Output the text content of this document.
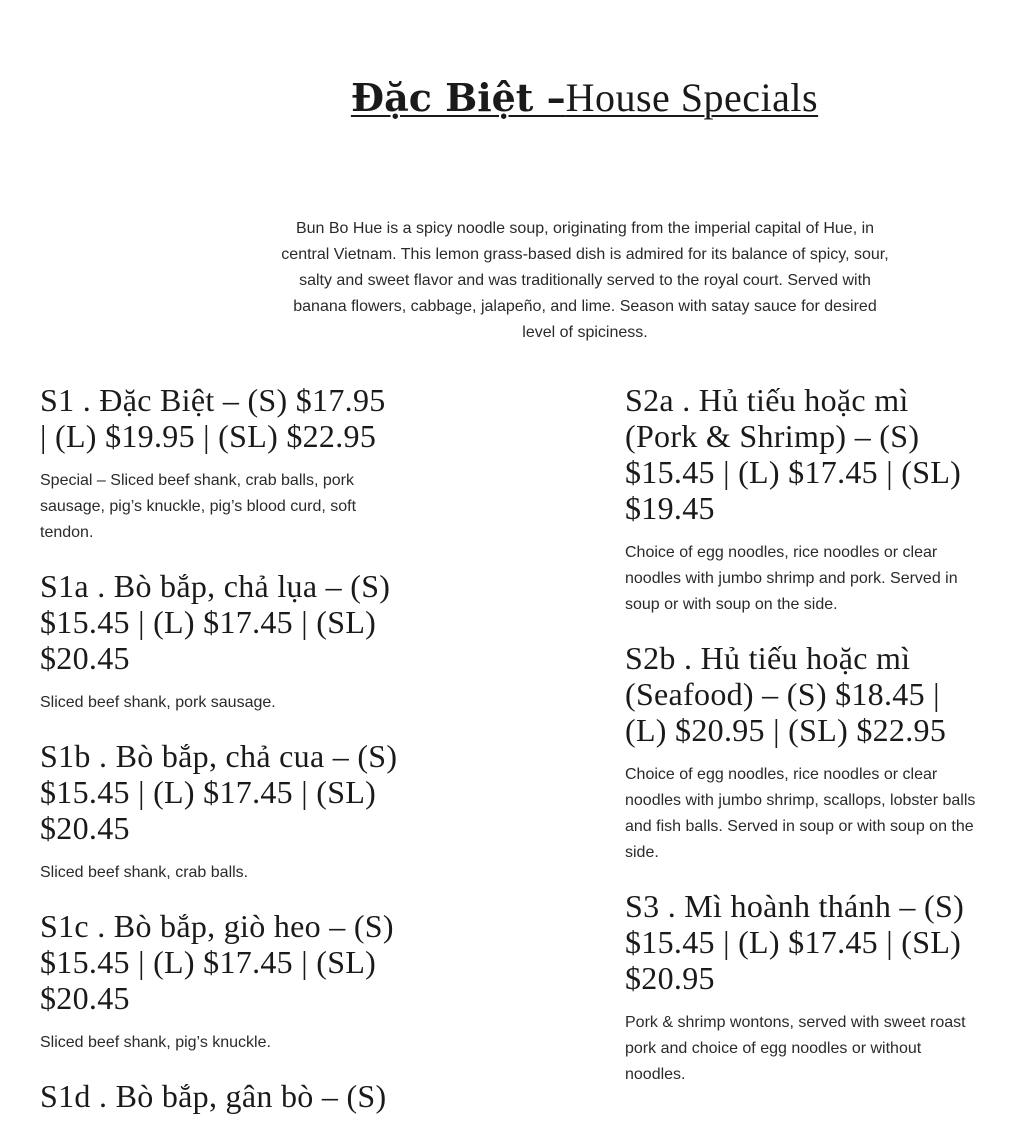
Đặc Biệt –House Specials

Bun Bo Hue is a spicy noodle soup, originating from the imperial capital of Hue, in central Vietnam. This lemon grass-based dish is admired for its balance of spicy, sour, salty and sweet flavor and was traditionally served to the royal court. Served with banana flowers, cabbage, jalapeño, and lime. Season with satay sauce for desired level of spiciness.

S1 . Đặc Biệt – (S) $17.95 | (L) $19.95 | (SL) $22.95

Special – Sliced beef shank, crab balls, pork sausage, pig’s knuckle, pig’s blood curd, soft tendon.

S1a . Bò bắp, chả lụa – (S) $15.45 | (L) $17.45 | (SL) $20.45

Sliced beef shank, pork sausage.

S1b . Bò bắp, chả cua – (S) $15.45 | (L) $17.45 | (SL) $20.45

Sliced beef shank, crab balls.

S1c . Bò bắp, giò heo – (S) $15.45 | (L) $17.45 | (SL) $20.45

Sliced beef shank, pig’s knuckle.

S1d . Bò bắp, gân bò – (S)

S2a . Hủ tiếu hoặc mì (Pork & Shrimp) – (S) $15.45 | (L) $17.45 | (SL) $19.45

Choice of egg noodles, rice noodles or clear noodles with jumbo shrimp and pork. Served in soup or with soup on the side.

S2b . Hủ tiếu hoặc mì (Seafood) – (S) $18.45 | (L) $20.95 | (SL) $22.95

Choice of egg noodles, rice noodles or clear noodles with jumbo shrimp, scallops, lobster balls and fish balls. Served in soup or with soup on the side.

S3 . Mì hoành thánh – (S) $15.45 | (L) $17.45 | (SL) $20.95

Pork & shrimp wontons, served with sweet roast pork and choice of egg noodles or without noodles.
